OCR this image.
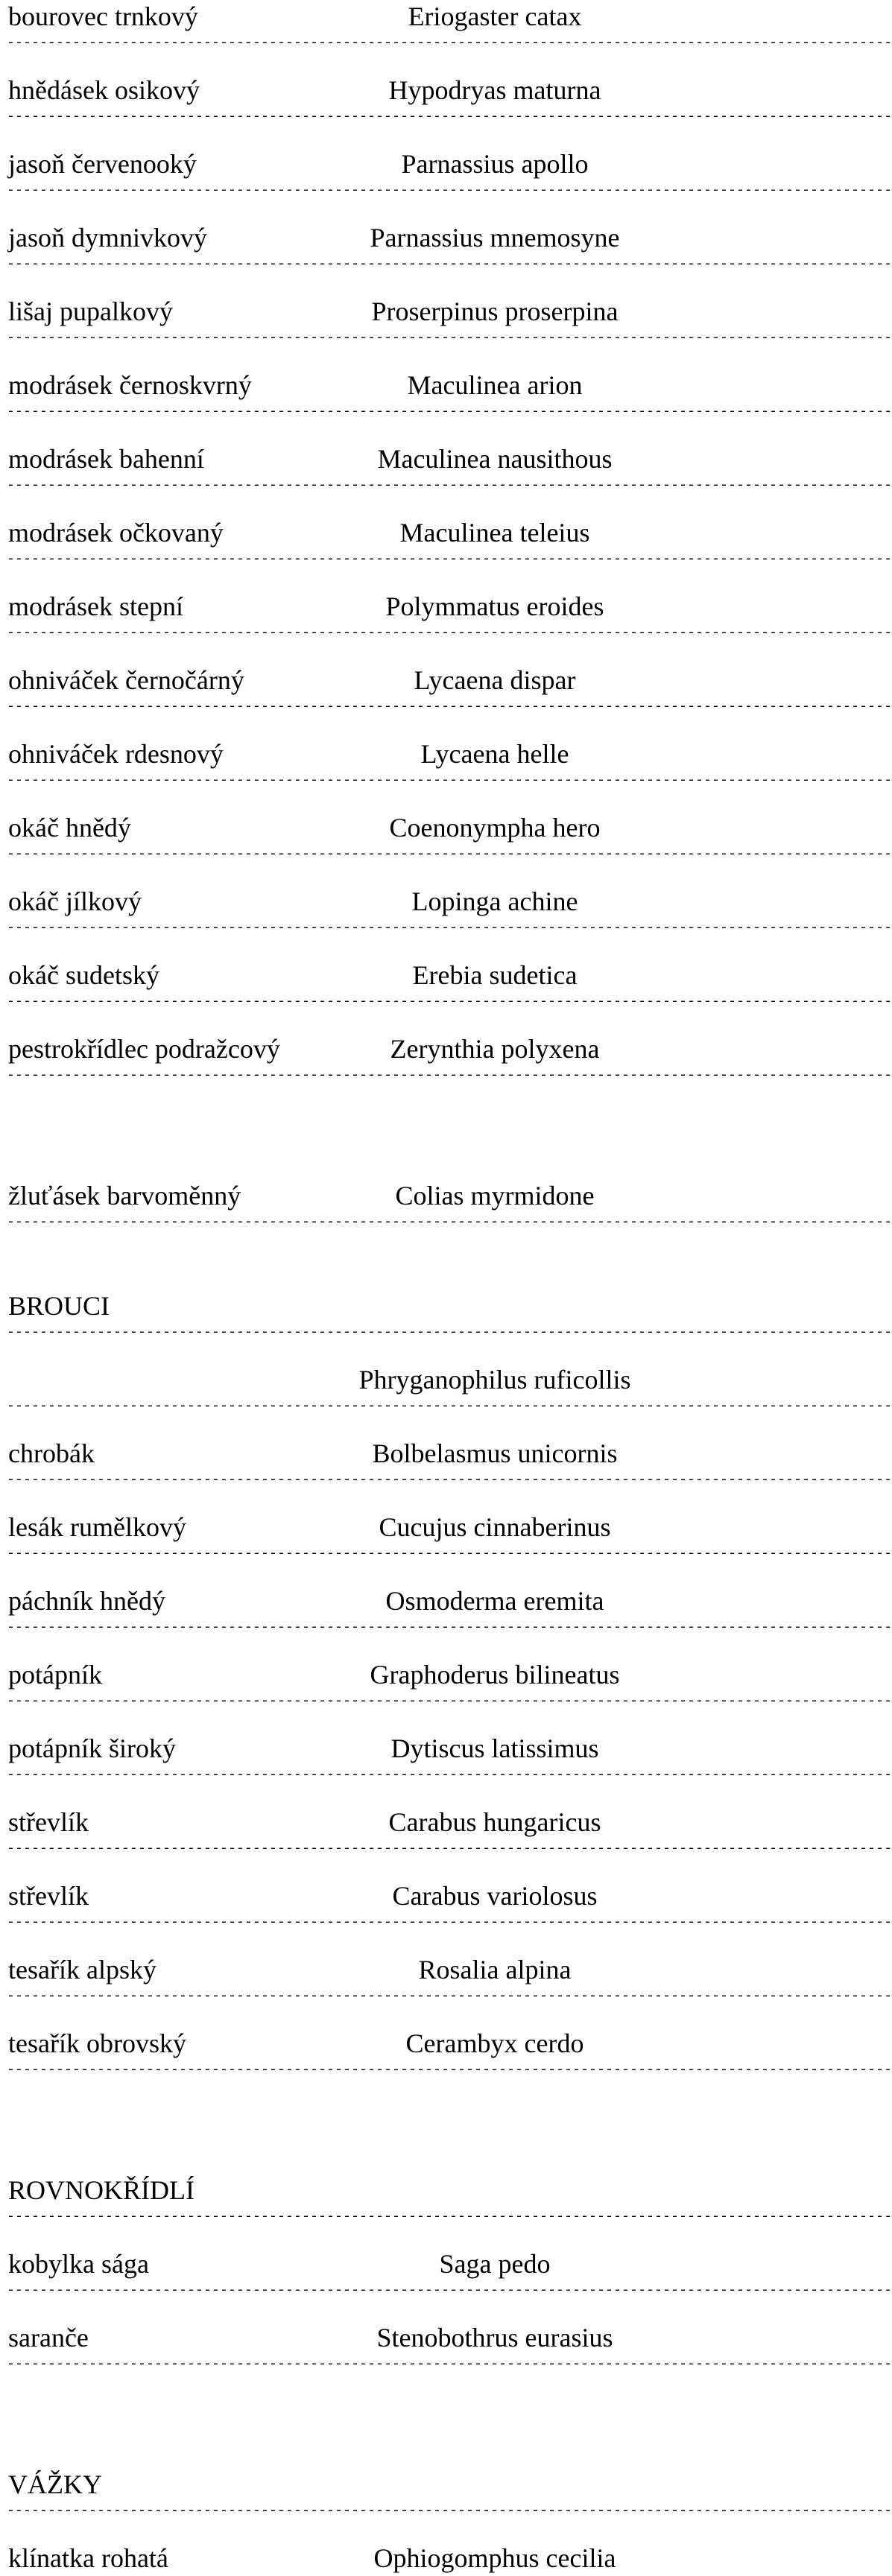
bourovec trnkový	Eriogaster catax
------------------------------------------------------------------------------------------------------------
hnědásek osikový	Hypodryas maturna
------------------------------------------------------------------------------------------------------------
jasoň červenooký	Parnassius apollo
------------------------------------------------------------------------------------------------------------
jasoň dymnivkový	Parnassius mnemosyne
------------------------------------------------------------------------------------------------------------
lišaj pupalkový	Proserpinus proserpina
------------------------------------------------------------------------------------------------------------
modrásek černoskvrný	Maculinea arion
------------------------------------------------------------------------------------------------------------
modrásek bahenní	Maculinea nausithous
------------------------------------------------------------------------------------------------------------
modrásek očkovaný	Maculinea teleius
------------------------------------------------------------------------------------------------------------
modrásek stepní	Polymmatus eroides
------------------------------------------------------------------------------------------------------------
ohniváček černočárný	Lycaena dispar
------------------------------------------------------------------------------------------------------------
ohniváček rdesnový	Lycaena helle
------------------------------------------------------------------------------------------------------------
okáč hnědý	Coenonympha hero
------------------------------------------------------------------------------------------------------------
okáč jílkový	Lopinga achine
------------------------------------------------------------------------------------------------------------
okáč sudetský	Erebia sudetica
------------------------------------------------------------------------------------------------------------
pestrokřídlec podražcový	Zerynthia polyxena
------------------------------------------------------------------------------------------------------------
žluťásek barvoměnný	Colias myrmidone
------------------------------------------------------------------------------------------------------------
BROUCI
------------------------------------------------------------------------------------------------------------
Phryganophilus ruficollis
------------------------------------------------------------------------------------------------------------
chrobák	Bolbelasmus unicornis
------------------------------------------------------------------------------------------------------------
lesák rumělkový	Cucujus cinnaberinus
------------------------------------------------------------------------------------------------------------
páchník hnědý	Osmoderma eremita
------------------------------------------------------------------------------------------------------------
potápník	Graphoderus bilineatus
------------------------------------------------------------------------------------------------------------
potápník široký	Dytiscus latissimus
------------------------------------------------------------------------------------------------------------
střevlík	Carabus hungaricus
------------------------------------------------------------------------------------------------------------
střevlík	Carabus variolosus
------------------------------------------------------------------------------------------------------------
tesařík alpský	Rosalia alpina
------------------------------------------------------------------------------------------------------------
tesařík obrovský	Cerambyx cerdo
------------------------------------------------------------------------------------------------------------
ROVNOKŘÍDLÍ
------------------------------------------------------------------------------------------------------------
kobylka sága	Saga pedo
------------------------------------------------------------------------------------------------------------
saranče	Stenobothrus eurasius
------------------------------------------------------------------------------------------------------------
VÁŽKY
------------------------------------------------------------------------------------------------------------
klínatka rohatá	Ophiogomphus cecilia
